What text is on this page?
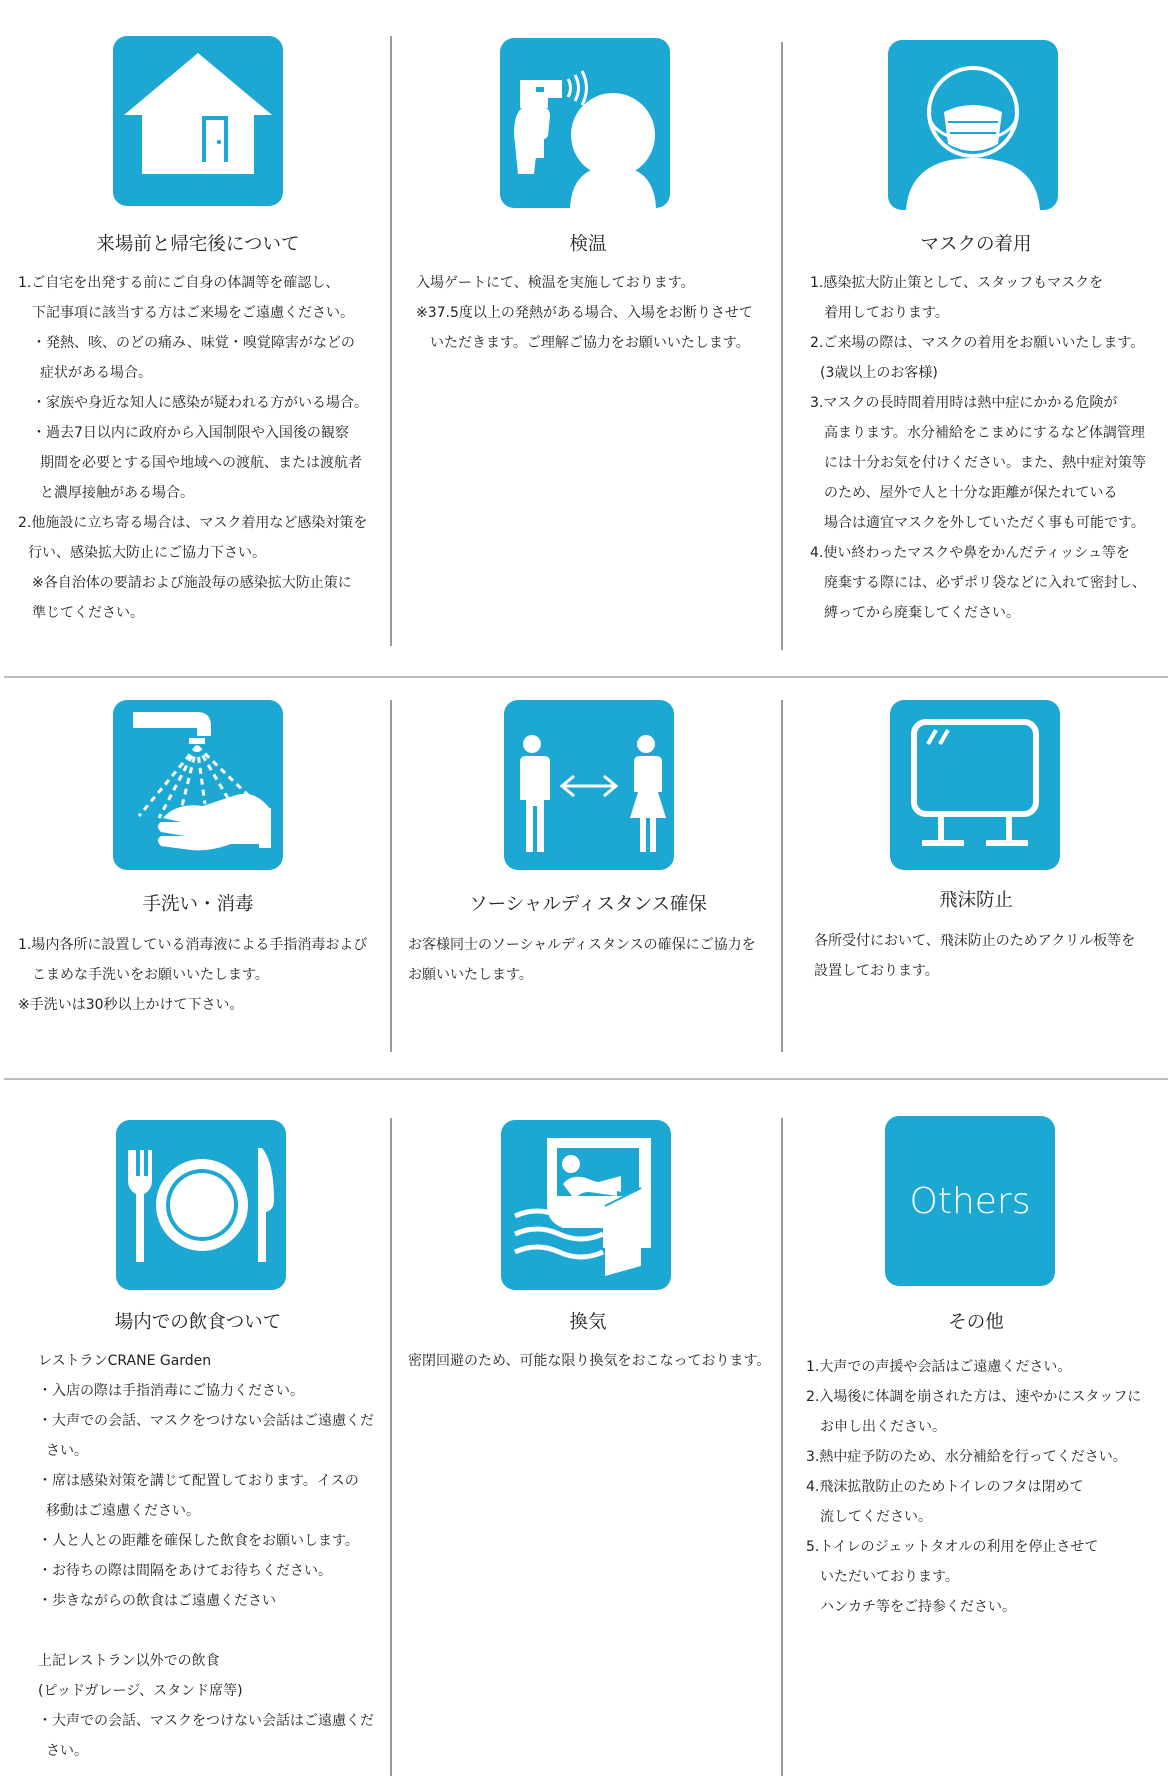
来場前と帰宅後について
1.ご自宅を出発する前にご自身の体調等を確認し、
下記事項に該当する方はご来場をご遠慮ください。
・発熱、咳、のどの痛み、味覚・嗅覚障害がなどの
症状がある場合。
・家族や身近な知人に感染が疑われる方がいる場合。
・過去7日以内に政府から入国制限や入国後の観察
期間を必要とする国や地域への渡航、または渡航者
と濃厚接触がある場合。
2.他施設に立ち寄る場合は、マスク着用など感染対策を
行い、感染拡大防止にご協力下さい。
※各自治体の要請および施設毎の感染拡大防止策に
準じてください。
検温
入場ゲートにて、検温を実施しております。
※37.5度以上の発熱がある場合、入場をお断りさせて
いただきます。ご理解ご協力をお願いいたします。
マスクの着用
1.感染拡大防止策として、スタッフもマスクを
着用しております。
2.ご来場の際は、マスクの着用をお願いいたします。
(3歳以上のお客様)
3.マスクの長時間着用時は熱中症にかかる危険が
高まります。水分補給をこまめにするなど体調管理
には十分お気を付けください。また、熱中症対策等
のため、屋外で人と十分な距離が保たれている
場合は適宜マスクを外していただく事も可能です。
4.使い終わったマスクや鼻をかんだティッシュ等を
廃棄する際には、必ずポリ袋などに入れて密封し、
縛ってから廃棄してください。
手洗い・消毒
1.場内各所に設置している消毒液による手指消毒および
こまめな手洗いをお願いいたします。
※手洗いは30秒以上かけて下さい。
ソーシャルディスタンス確保
お客様同士のソーシャルディスタンスの確保にご協力を
お願いいたします。
飛沫防止
各所受付において、飛沫防止のためアクリル板等を
設置しております。
場内での飲食ついて
レストランCRANE Garden
・入店の際は手指消毒にご協力ください。
・大声での会話、マスクをつけない会話はご遠慮くだ
さい。
・席は感染対策を講じて配置しております。イスの
移動はご遠慮ください。
・人と人との距離を確保した飲食をお願いします。
・お待ちの際は間隔をあけてお待ちください。
・歩きながらの飲食はご遠慮ください
上記レストラン以外での飲食
(ピッドガレージ、スタンド席等)
・大声での会話、マスクをつけない会話はご遠慮くだ
さい。
換気
密閉回避のため、可能な限り換気をおこなっております。
Others
その他
1.大声での声援や会話はご遠慮ください。
2.入場後に体調を崩された方は、速やかにスタッフに
お申し出ください。
3.熱中症予防のため、水分補給を行ってください。
4.飛沫拡散防止のためトイレのフタは閉めて
流してください。
5.トイレのジェットタオルの利用を停止させて
いただいております。
ハンカチ等をご持参ください。
